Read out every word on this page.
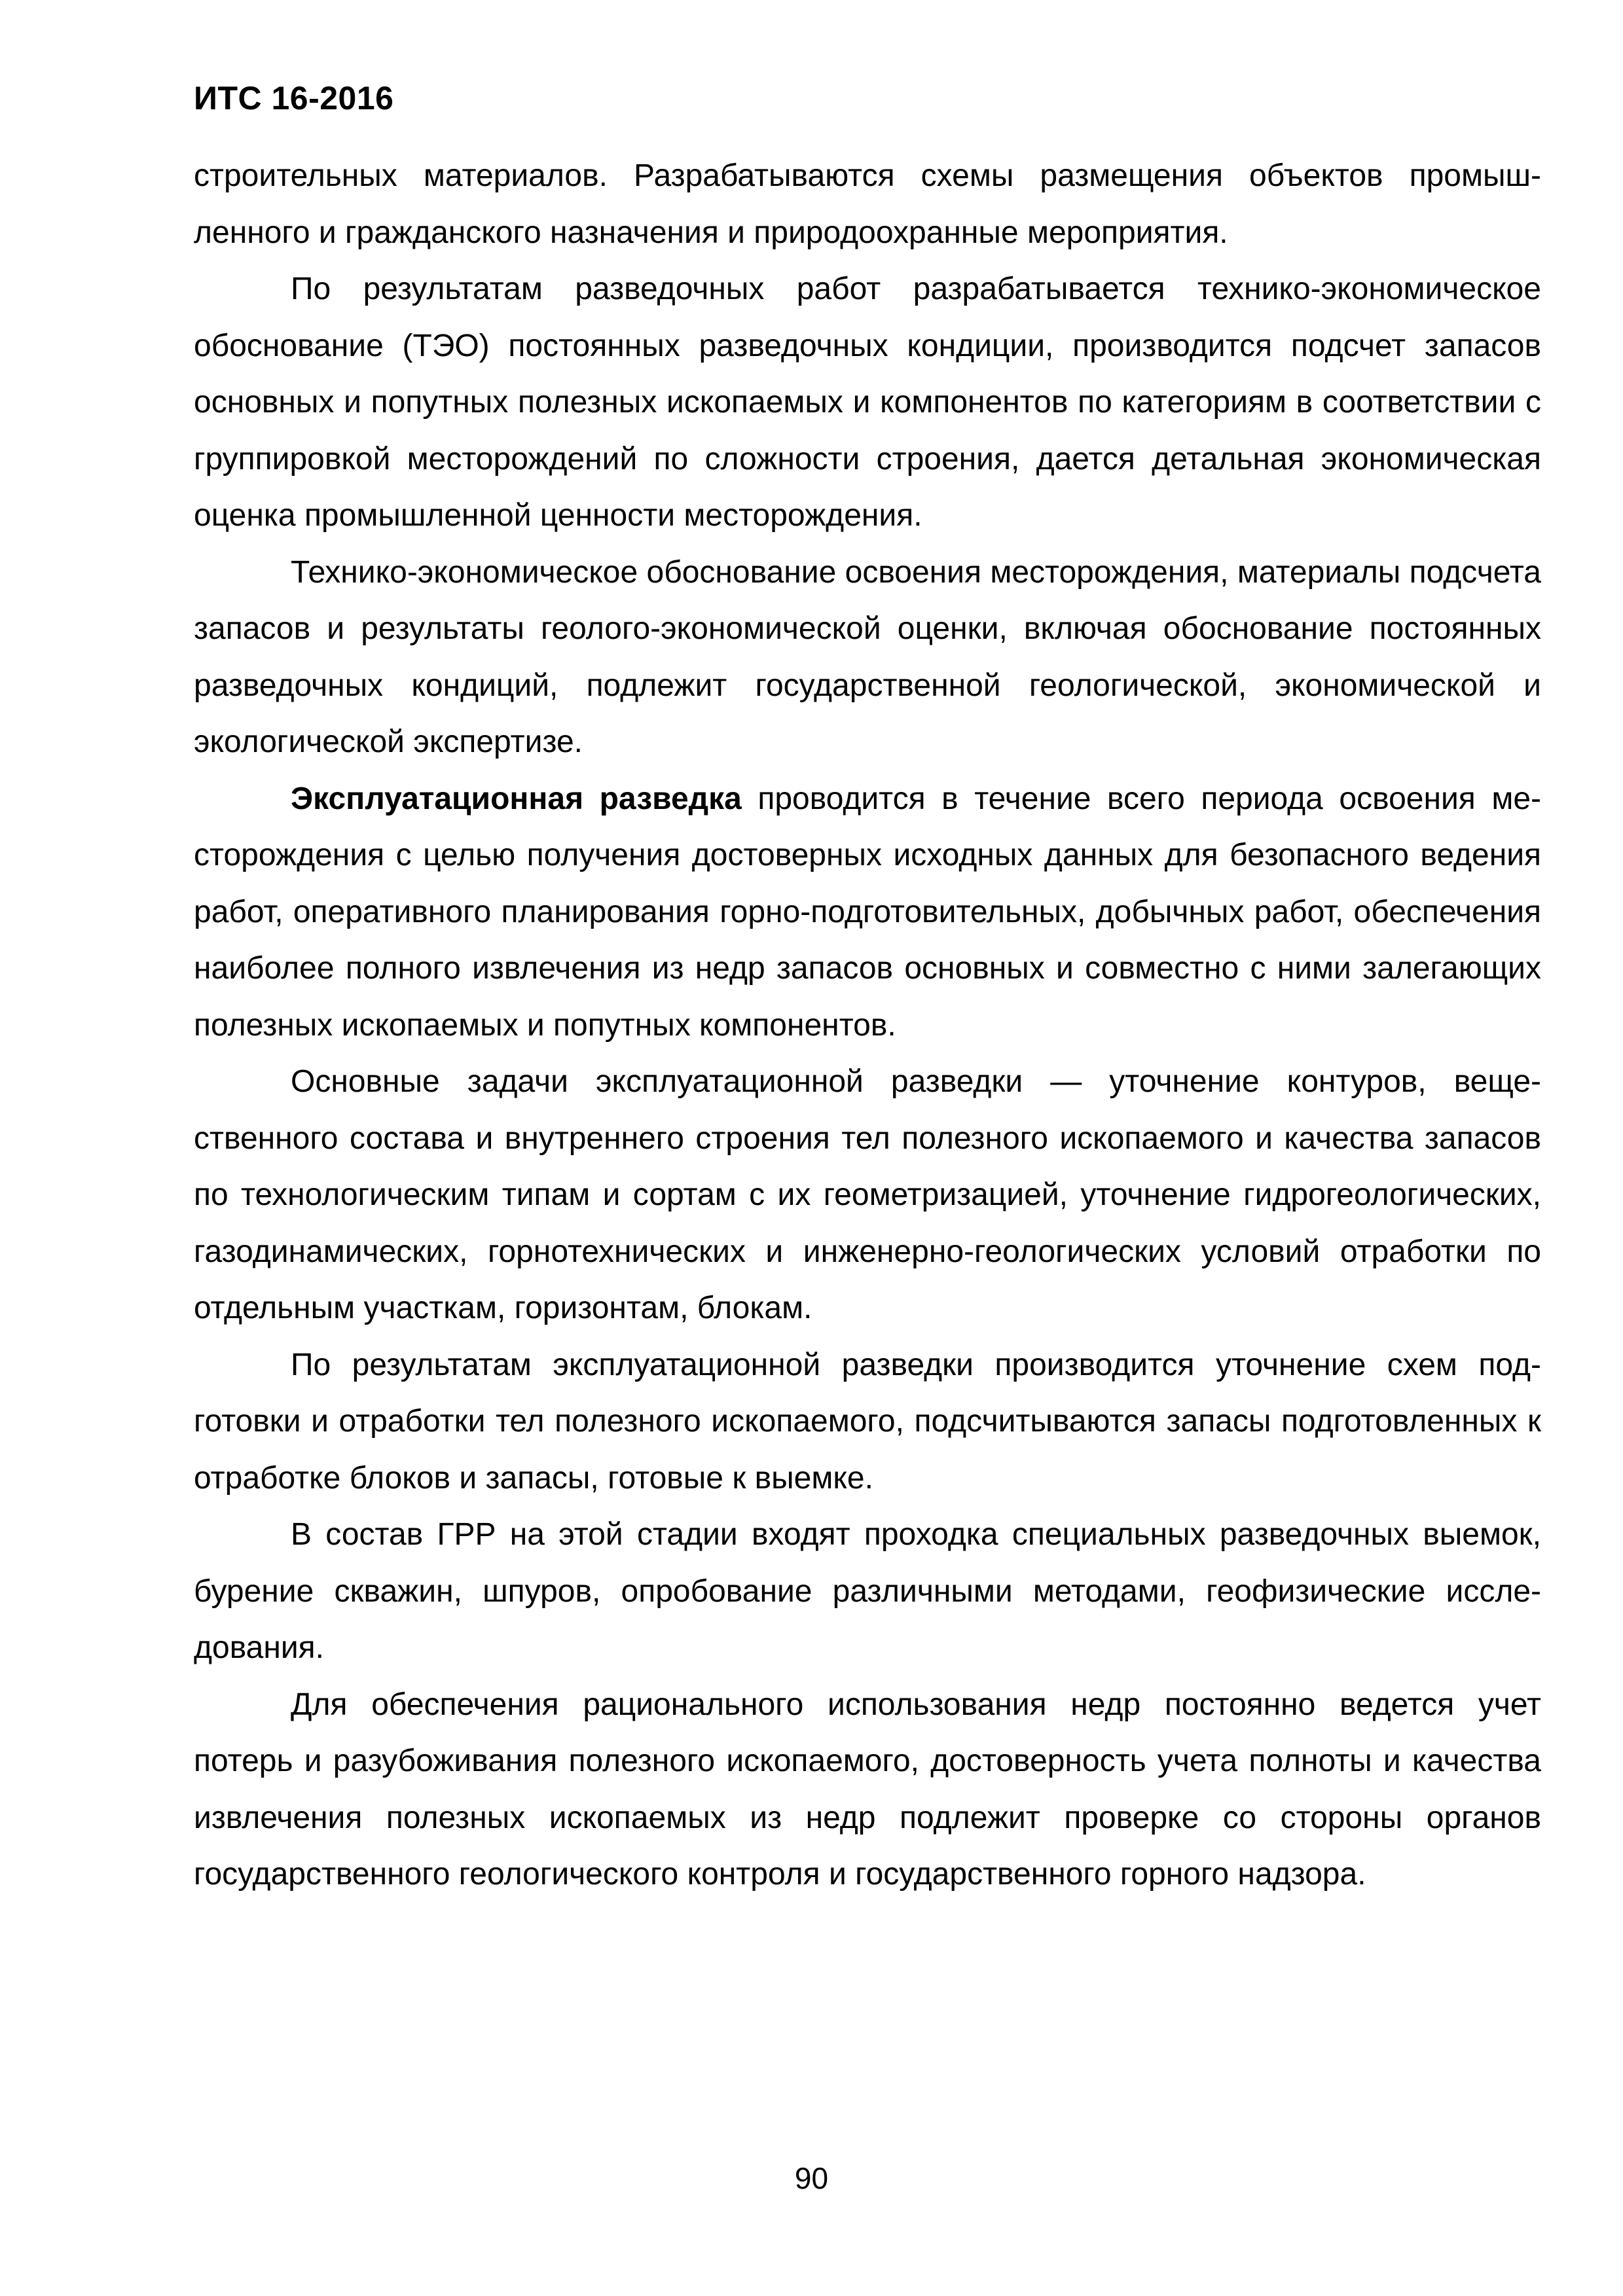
ИТС 16-2016

строительных материалов. Разрабатываются схемы размещения объектов промышленного и гражданского назначения и природоохранные мероприятия.

По результатам разведочных работ разрабатывается технико-экономическое обоснование (ТЭО) постоянных разведочных кондиции, производится подсчет запасов основных и попутных полезных ископаемых и компонентов по категориям в соответствии с группировкой месторождений по сложности строения, дается детальная экономическая оценка промышленной ценности месторождения.

Технико-экономическое обоснование освоения месторождения, материалы подсчета запасов и результаты геолого-экономической оценки, включая обоснование постоянных разведочных кондиций, подлежит государственной геологической, экономической и экологической экспертизе.

Эксплуатационная разведка проводится в течение всего периода освоения месторождения с целью получения достоверных исходных данных для безопасного ведения работ, оперативного планирования горно-подготовительных, добычных работ, обеспечения наиболее полного извлечения из недр запасов основных и совместно с ними залегающих полезных ископаемых и попутных компонентов.

Основные задачи эксплуатационной разведки — уточнение контуров, вещественного состава и внутреннего строения тел полезного ископаемого и качества запасов по технологическим типам и сортам с их геометризацией, уточнение гидрогеологических, газодинамических, горнотехнических и инженерно-геологических условий отработки по отдельным участкам, горизонтам, блокам.

По результатам эксплуатационной разведки производится уточнение схем подготовки и отработки тел полезного ископаемого, подсчитываются запасы подготовленных к отработке блоков и запасы, готовые к выемке.

В состав ГРР на этой стадии входят проходка специальных разведочных выемок, бурение скважин, шпуров, опробование различными методами, геофизические исследования.

Для обеспечения рационального использования недр постоянно ведется учет потерь и разубоживания полезного ископаемого, достоверность учета полноты и качества извлечения полезных ископаемых из недр подлежит проверке со стороны органов государственного геологического контроля и государственного горного надзора.

90
